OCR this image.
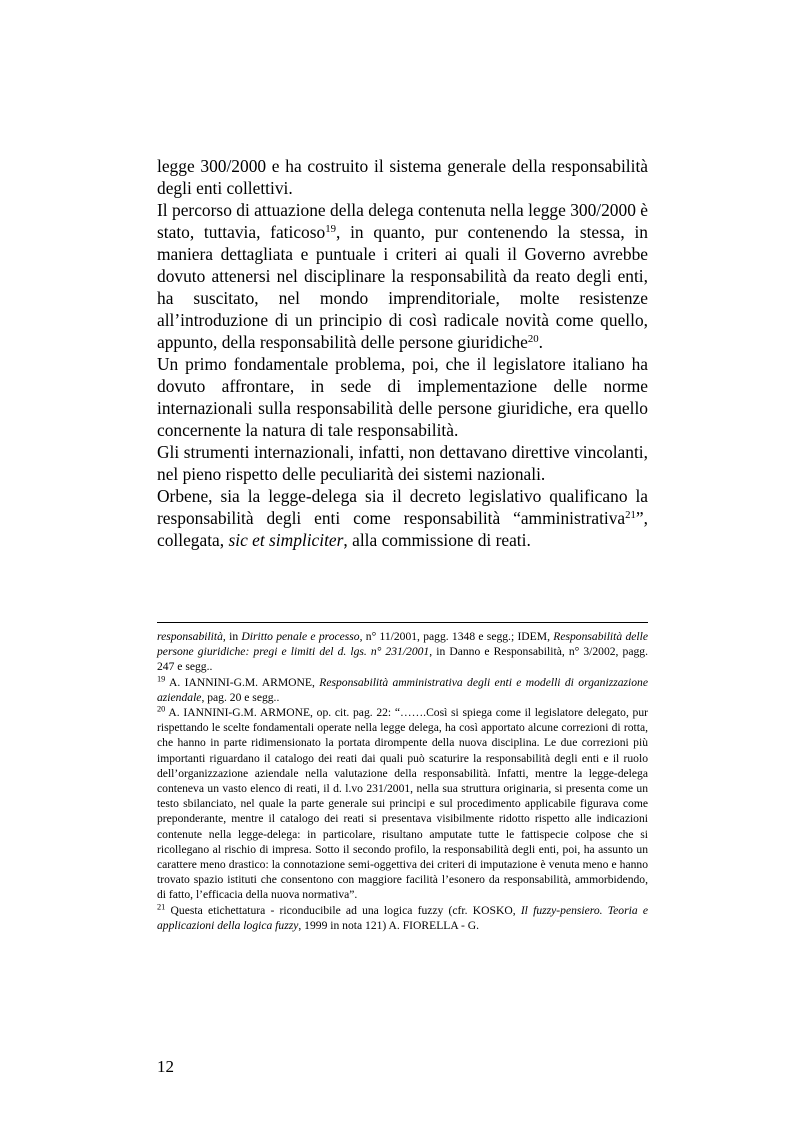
legge 300/2000 e ha costruito il sistema generale della responsabilità degli enti collettivi.

Il percorso di attuazione della delega contenuta nella legge 300/2000 è stato, tuttavia, faticoso$^{19}$, in quanto, pur contenendo la stessa, in maniera dettagliata e puntuale i criteri ai quali il Governo avrebbe dovuto attenersi nel disciplinare la responsabilità da reato degli enti, ha suscitato, nel mondo imprenditoriale, molte resistenze all’introduzione di un principio di così radicale novità come quello, appunto, della responsabilità delle persone giuridiche$^{20}$.

Un primo fondamentale problema, poi, che il legislatore italiano ha dovuto affrontare, in sede di implementazione delle norme internazionali sulla responsabilità delle persone giuridiche, era quello concernente la natura di tale responsabilità.

Gli strumenti internazionali, infatti, non dettavano direttive vincolanti, nel pieno rispetto delle peculiarità dei sistemi nazionali.

Orbene, sia la legge-delega sia il decreto legislativo qualificano la responsabilità degli enti come responsabilità “amministrativa$^{21}$”, collegata, sic et simpliciter, alla commissione di reati.

responsabilità, in Diritto penale e processo, n° 11/2001, pagg. 1348 e segg.; IDEM, Responsabilità delle persone giuridiche: pregi e limiti del d. lgs. n° 231/2001, in Danno e Responsabilità, n° 3/2002, pagg. 247 e segg..

$^{19}$ A. IANNINI-G.M. ARMONE, Responsabilità amministrativa degli enti e modelli di organizzazione aziendale, pag. 20 e segg..

$^{20}$ A. IANNINI-G.M. ARMONE, op. cit. pag. 22: “…….Così si spiega come il legislatore delegato, pur rispettando le scelte fondamentali operate nella legge delega, ha così apportato alcune correzioni di rotta, che hanno in parte ridimensionato la portata dirompente della nuova disciplina. Le due correzioni più importanti riguardano il catalogo dei reati dai quali può scaturire la responsabilità degli enti e il ruolo dell’organizzazione aziendale nella valutazione della responsabilità. Infatti, mentre la legge-delega conteneva un vasto elenco di reati, il d. l.vo 231/2001, nella sua struttura originaria, si presenta come un testo sbilanciato, nel quale la parte generale sui principi e sul procedimento applicabile figurava come preponderante, mentre il catalogo dei reati si presentava visibilmente ridotto rispetto alle indicazioni contenute nella legge-delega: in particolare, risultano amputate tutte le fattispecie colpose che si ricollegano al rischio di impresa. Sotto il secondo profilo, la responsabilità degli enti, poi, ha assunto un carattere meno drastico: la connotazione semi-oggettiva dei criteri di imputazione è venuta meno e hanno trovato spazio istituti che consentono con maggiore facilità l’esonero da responsabilità, ammorbidendo, di fatto, l’efficacia della nuova normativa”.

$^{21}$ Questa etichettatura - riconducibile ad una logica fuzzy (cfr. KOSKO, Il fuzzy-pensiero. Teoria e applicazioni della logica fuzzy, 1999 in nota 121) A. FIORELLA - G.

12
